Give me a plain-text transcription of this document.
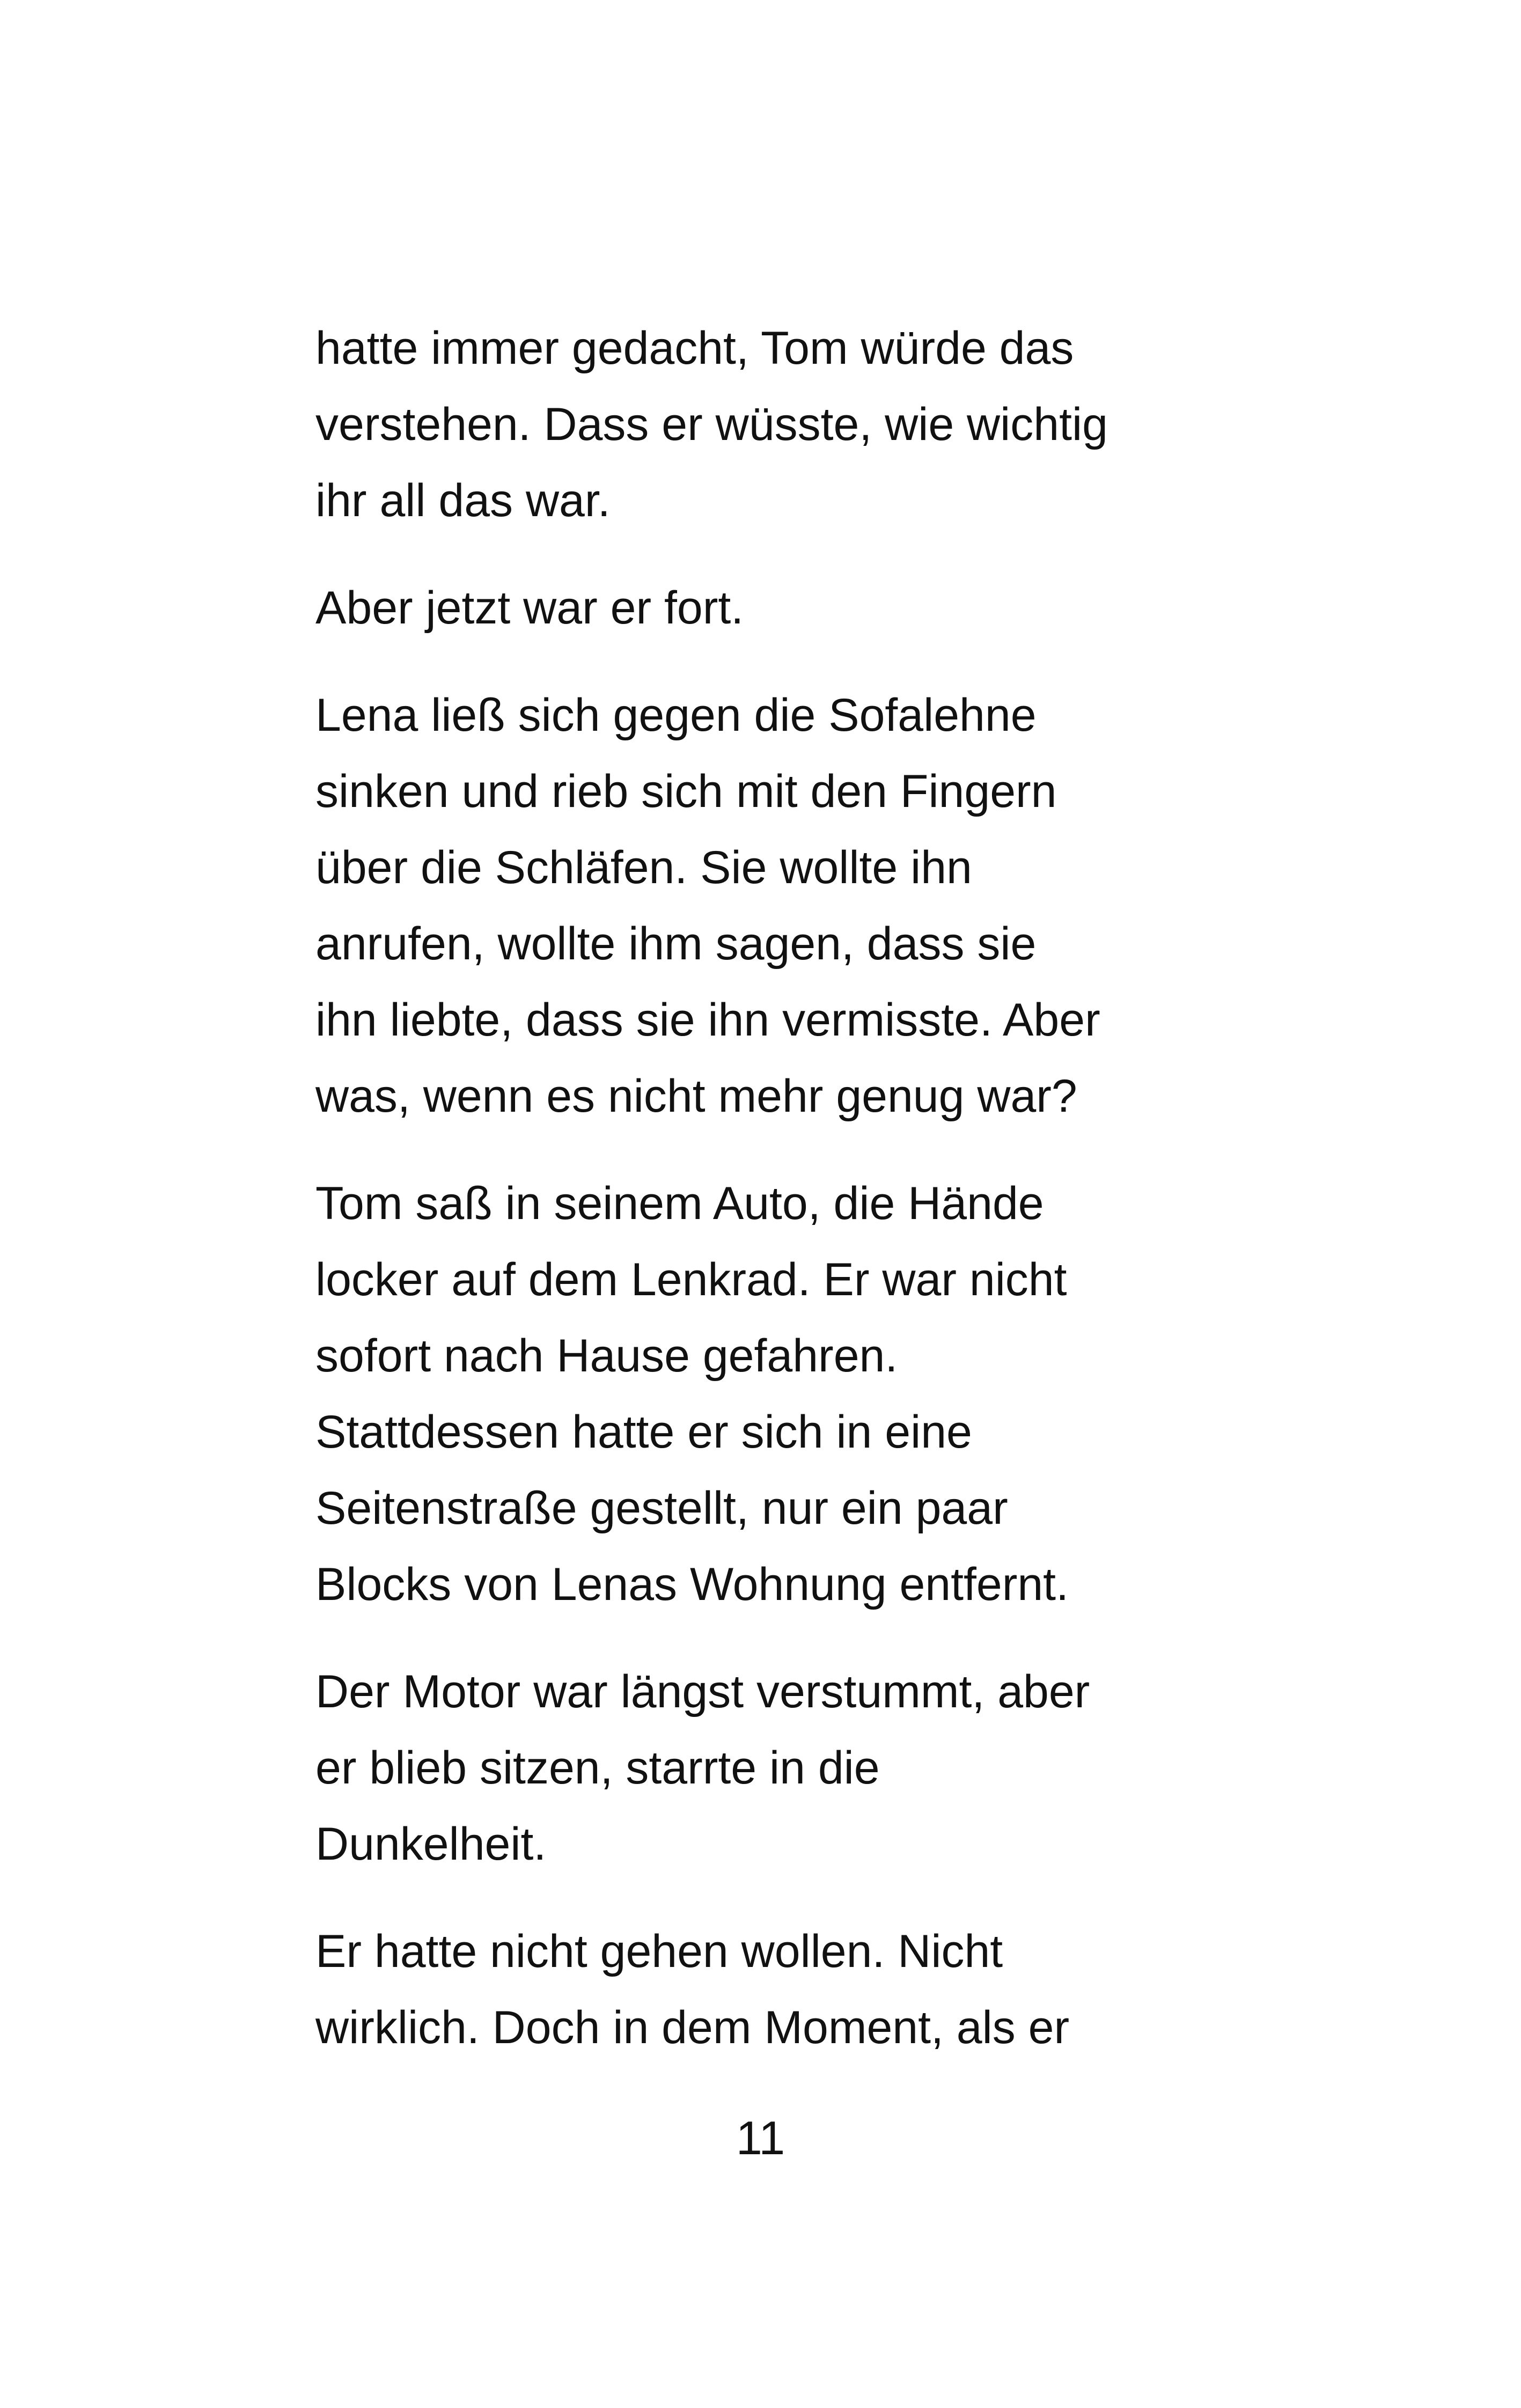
hatte immer gedacht, Tom würde das
verstehen. Dass er wüsste, wie wichtig
ihr all das war.

Aber jetzt war er fort.

Lena ließ sich gegen die Sofalehne
sinken und rieb sich mit den Fingern
über die Schläfen. Sie wollte ihn
anrufen, wollte ihm sagen, dass sie
ihn liebte, dass sie ihn vermisste. Aber
was, wenn es nicht mehr genug war?

Tom saß in seinem Auto, die Hände
locker auf dem Lenkrad. Er war nicht
sofort nach Hause gefahren.
Stattdessen hatte er sich in eine
Seitenstraße gestellt, nur ein paar
Blocks von Lenas Wohnung entfernt.

Der Motor war längst verstummt, aber
er blieb sitzen, starrte in die
Dunkelheit.

Er hatte nicht gehen wollen. Nicht
wirklich. Doch in dem Moment, als er

11
